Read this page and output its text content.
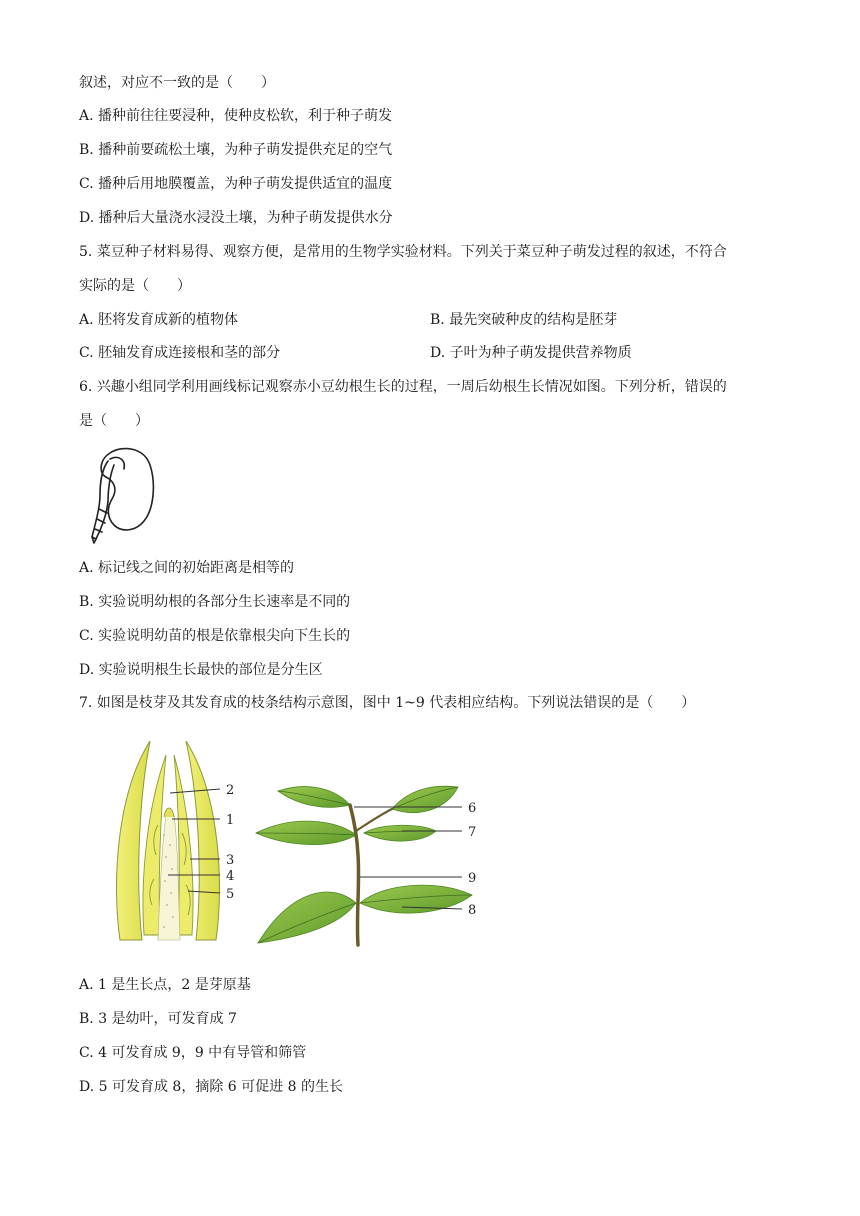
叙述，对应不一致的是（　　）
A. 播种前往往要浸种，使种皮松软，利于种子萌发
B. 播种前要疏松土壤，为种子萌发提供充足的空气
C. 播种后用地膜覆盖，为种子萌发提供适宜的温度
D. 播种后大量浇水浸没土壤，为种子萌发提供水分
5. 菜豆种子材料易得、观察方便，是常用的生物学实验材料。下列关于菜豆种子萌发过程的叙述，不符合
实际的是（　　）
A. 胚将发育成新的植物体	B. 最先突破种皮的结构是胚芽
C. 胚轴发育成连接根和茎的部分	D. 子叶为种子萌发提供营养物质
6. 兴趣小组同学利用画线标记观察赤小豆幼根生长的过程，一周后幼根生长情况如图。下列分析，错误的
是（　　）
A. 标记线之间的初始距离是相等的
B. 实验说明幼根的各部分生长速率是不同的
C. 实验说明幼苗的根是依靠根尖向下生长的
D. 实验说明根生长最快的部位是分生区
7. 如图是枝芽及其发育成的枝条结构示意图，图中 1~9 代表相应结构。下列说法错误的是（　　）
2
1
3
4
5
6
7
9
8
A. 1 是生长点，2 是芽原基
B. 3 是幼叶，可发育成 7
C. 4 可发育成 9，9 中有导管和筛管
D. 5 可发育成 8，摘除 6 可促进 8 的生长
